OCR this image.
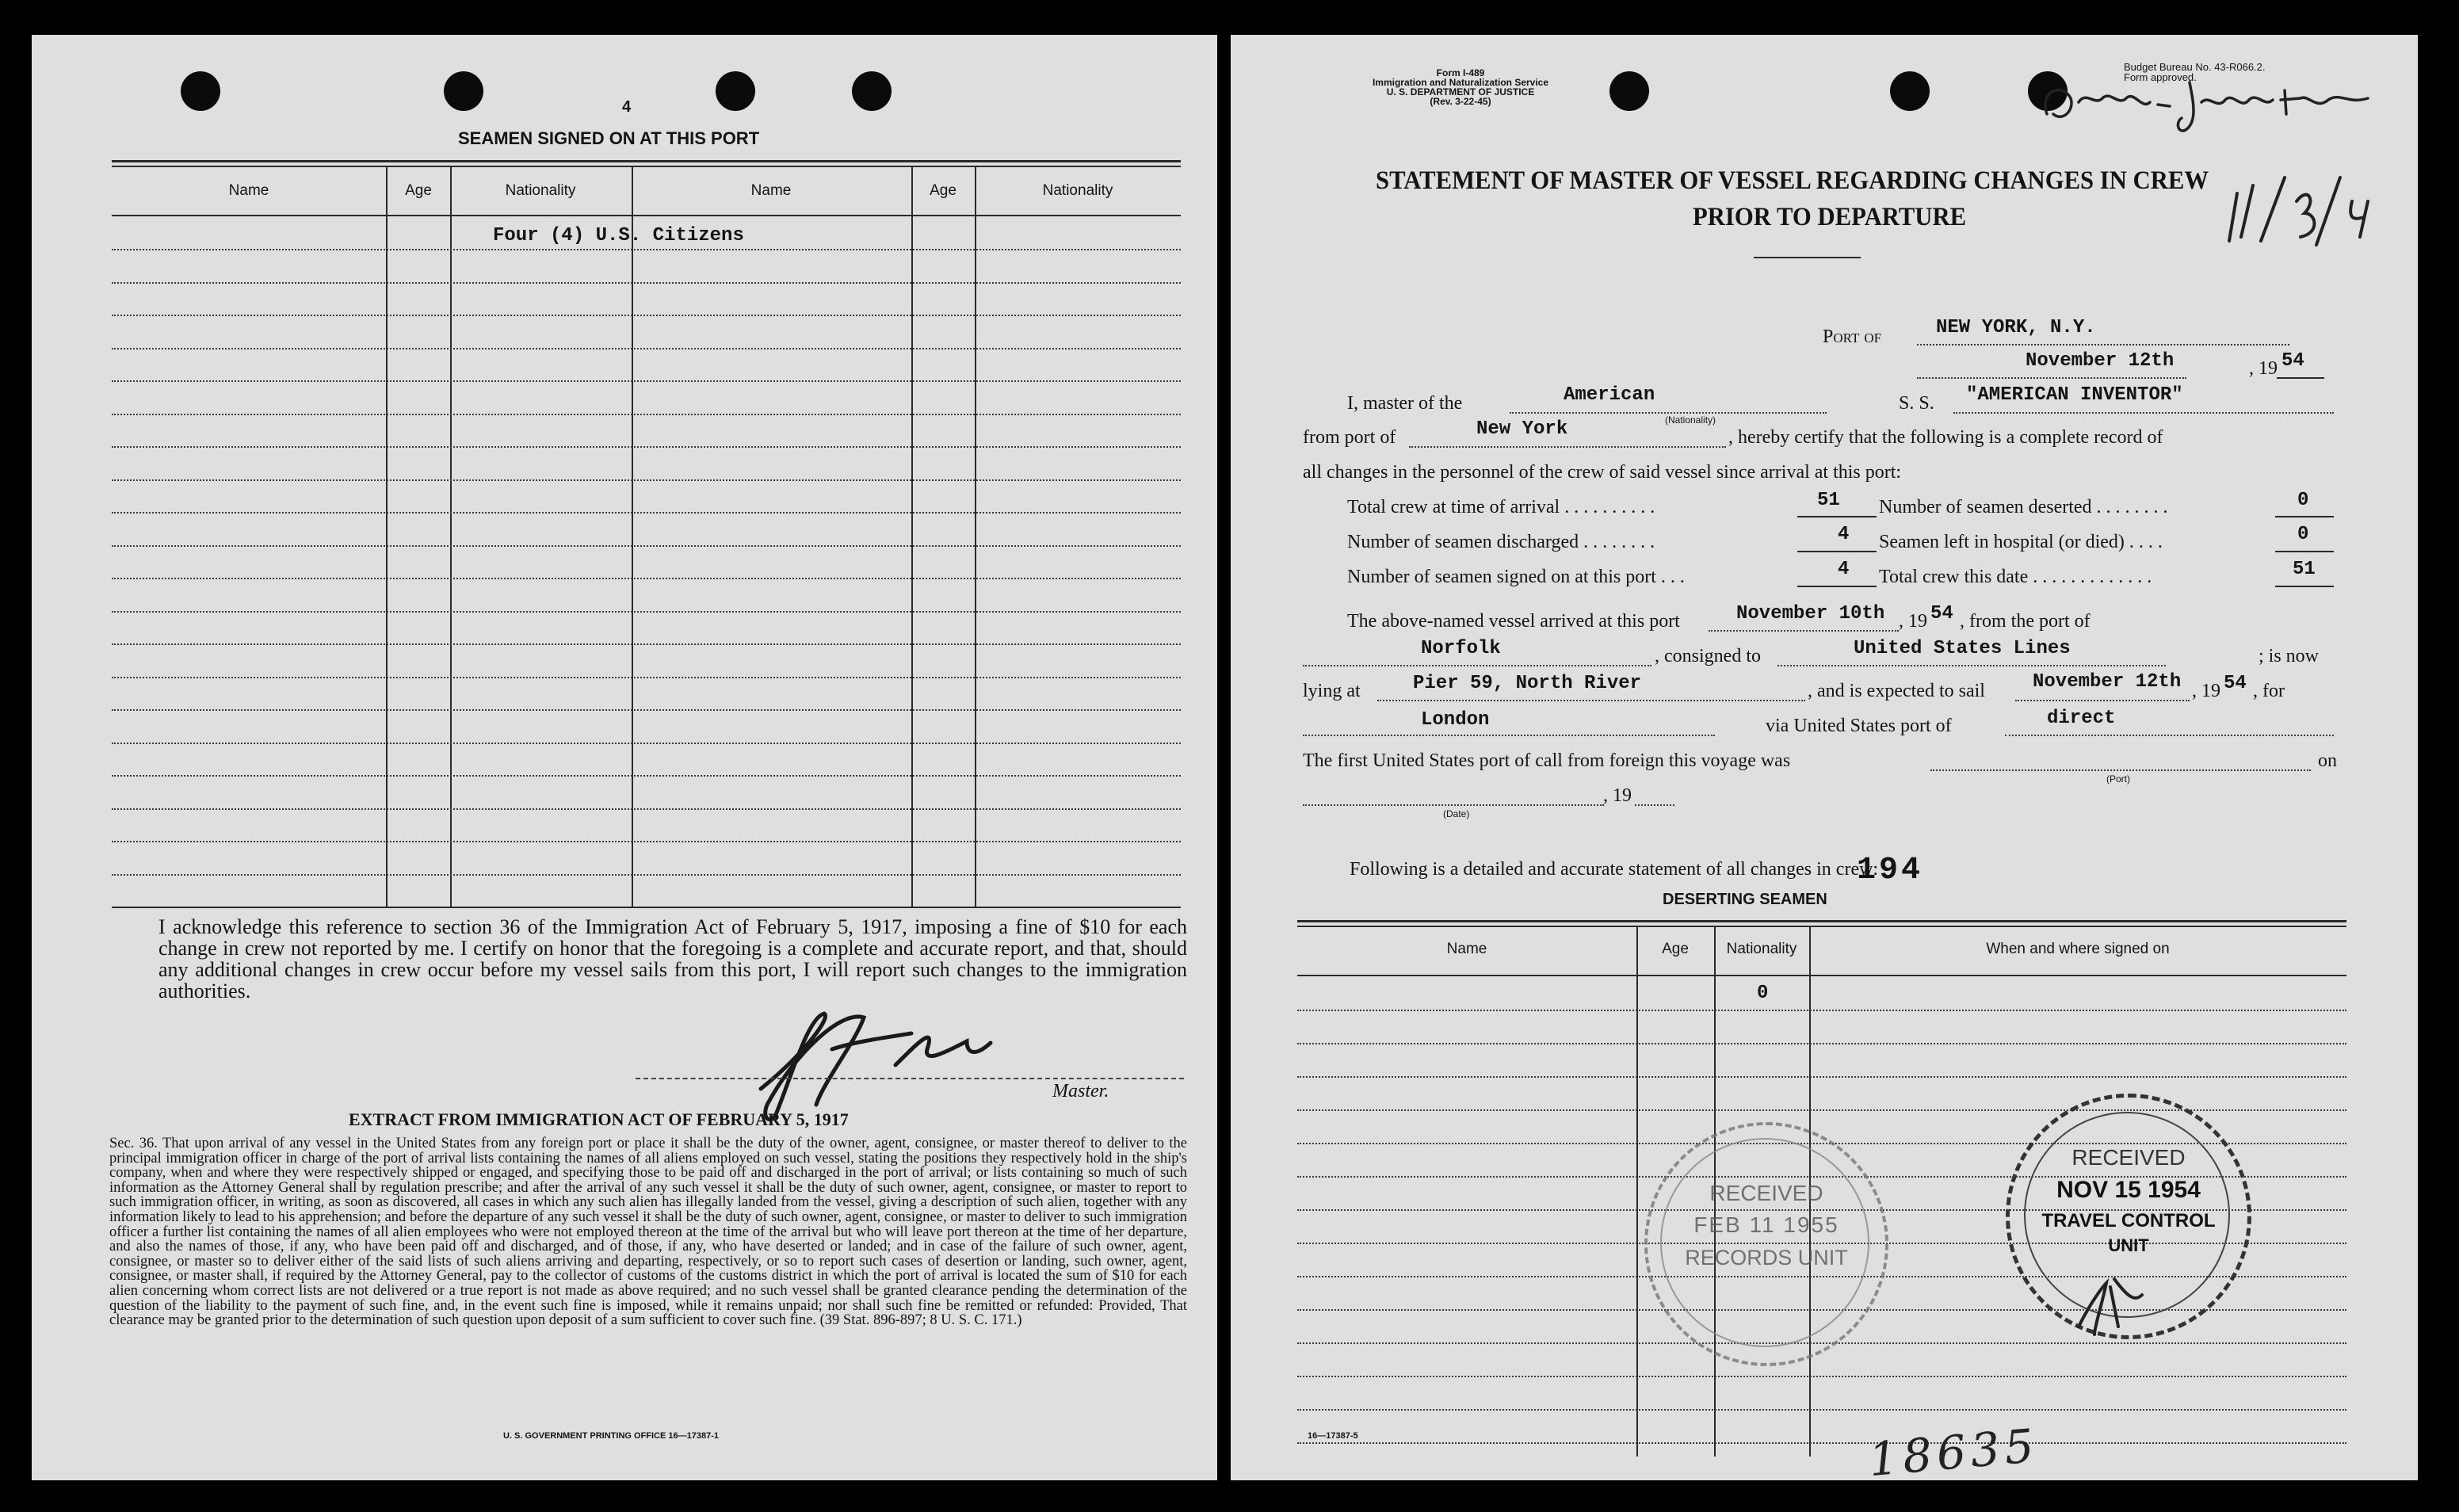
4
SEAMEN SIGNED ON AT THIS PORT
Name	Age	Nationality	Name	Age	Nationality
Four (4) U.S. Citizens
I acknowledge this reference to section 36 of the Immigration Act of February 5, 1917, imposing a fine of $10 for each change in crew not reported by me. I certify on honor that the foregoing is a complete and accurate report, and that, should any additional changes in crew occur before my vessel sails from this port, I will report such changes to the immigration authorities.
Master.
EXTRACT FROM IMMIGRATION ACT OF FEBRUARY 5, 1917
Sec. 36. That upon arrival of any vessel in the United States from any foreign port or place it shall be the duty of the owner, agent, consignee, or master thereof to deliver to the principal immigration officer in charge of the port of arrival lists containing the names of all aliens employed on such vessel, stating the positions they respectively hold in the ship's company, when and where they were respectively shipped or engaged, and specifying those to be paid off and discharged in the port of arrival; or lists containing so much of such information as the Attorney General shall by regulation prescribe; and after the arrival of any such vessel it shall be the duty of such owner, agent, consignee, or master to report to such immigration officer, in writing, as soon as discovered, all cases in which any such alien has illegally landed from the vessel, giving a description of such alien, together with any information likely to lead to his apprehension; and before the departure of any such vessel it shall be the duty of such owner, agent, consignee, or master to deliver to such immigration officer a further list containing the names of all alien employees who were not employed thereon at the time of the arrival but who will leave port thereon at the time of her departure, and also the names of those, if any, who have been paid off and discharged, and of those, if any, who have deserted or landed; and in case of the failure of such owner, agent, consignee, or master so to deliver either of the said lists of such aliens arriving and departing, respectively, or so to report such cases of desertion or landing, such owner, agent, consignee, or master shall, if required by the Attorney General, pay to the collector of customs of the customs district in which the port of arrival is located the sum of $10 for each alien concerning whom correct lists are not delivered or a true report is not made as above required; and no such vessel shall be granted clearance pending the determination of the question of the liability to the payment of such fine, and, in the event such fine is imposed, while it remains unpaid; nor shall such fine be remitted or refunded: Provided, That clearance may be granted prior to the determination of such question upon deposit of a sum sufficient to cover such fine. (39 Stat. 896-897; 8 U. S. C. 171.)
U. S. GOVERNMENT PRINTING OFFICE 16—17387-1
Form I-489
Immigration and Naturalization Service
U. S. DEPARTMENT OF JUSTICE
(Rev. 3-22-45)
Budget Bureau No. 43-R066.2.
Form approved.
STATEMENT OF MASTER OF VESSEL REGARDING CHANGES IN CREW
PRIOR TO DEPARTURE
Port of	NEW YORK, N.Y.
November 12th	, 19 54
I, master of the	American
(Nationality)
S. S. "AMERICAN INVENTOR"
from port of	New York	, hereby certify that the following is a complete record of
all changes in the personnel of the crew of said vessel since arrival at this port:
Total crew at time of arrival . . . . . . . . . .	51
Number of seamen discharged . . . . . . . .	4
Number of seamen signed on at this port . . .	4
Number of seamen deserted . . . . . . . .	0
Seamen left in hospital (or died) . . . .	0
Total crew this date . . . . . . . . . . . . .	51
The above-named vessel arrived at this port	November 10th , 19 54 , from the port of
Norfolk	, consigned to	United States Lines	; is now
lying at	Pier 59, North River	, and is expected to sail	November 12th , 19 54 , for
London	via United States port of	direct
The first United States port of call from foreign this voyage was
(Port)
on
(Date)
, 19
Following is a detailed and accurate statement of all changes in crew:
194
DESERTING SEAMEN
Name	Age	Nationality	When and where signed on
0
RECEIVED
FEB 11 1955
RECORDS UNIT
RECEIVED
NOV 15 1954
TRAVEL CONTROL
UNIT
16—17387-5	18635
